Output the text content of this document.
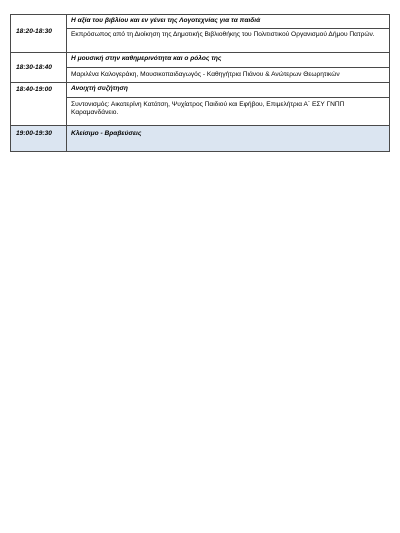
18:20-18:30	Η αξία του βιβλίου και εν γένει της Λογοτεχνίας για τα παιδιά
Εκπρόσωπος από τη Διοίκηση της Δημοτικής Βιβλιοθήκης του Πολιτιστικού Οργανισμού Δήμου Πατρών.

18:30-18:40	Η μουσική στην καθημερινότητα και ο ρόλος της
Μαριλένα Καλογεράκη, Μουσικοπαιδαγωγός - Καθηγήτρια Πιάνου & Ανώτερων Θεωρητικών

18:40-19:00	Ανοιχτή συζήτηση
Συντονισμός: Αικατερίνη Κατάτση, Ψυχίατρος Παιδιού και Εφήβου, Επιμελήτρια Α΄ ΕΣΥ ΓΝΠΠ Καραμανδάνειο.

19:00-19:30	Κλείσιμο - Βραβεύσεις
